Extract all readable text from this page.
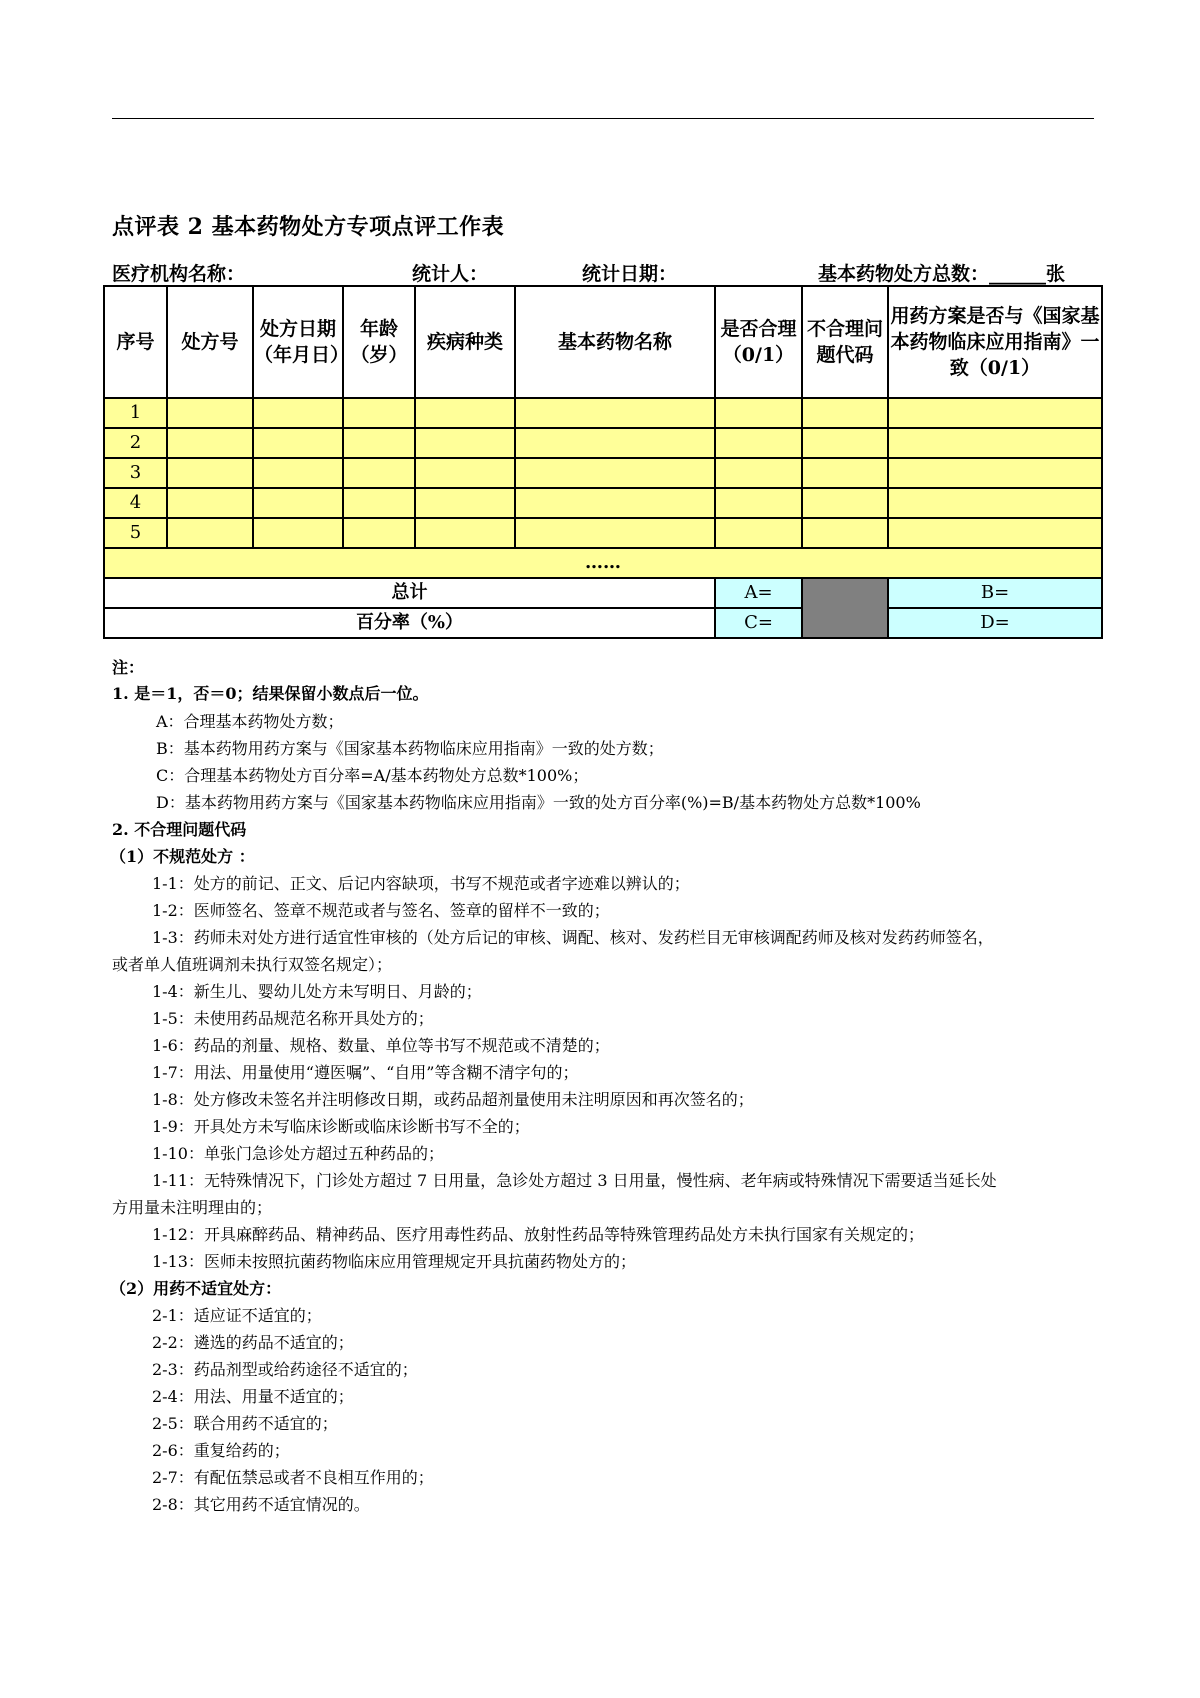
点评表 2 基本药物处方专项点评工作表
医疗机构名称：	统计人：	统计日期：	基本药物处方总数：______张
序号	处方号	处方日期（年月日）	年龄（岁）	疾病种类	基本药物名称	是否合理（0/1）	不合理问题代码	用药方案是否与《国家基本药物临床应用指南》一致（0/1）
1								
2								
3								
4								
5								
……								
总计						A=		B=
百分率（%）						C=		D=
注：
1. 是＝1，否＝0；结果保留小数点后一位。
A：合理基本药物处方数；
B：基本药物用药方案与《国家基本药物临床应用指南》一致的处方数；
C：合理基本药物处方百分率=A/基本药物处方总数*100%；
D：基本药物用药方案与《国家基本药物临床应用指南》一致的处方百分率(%)=B/基本药物处方总数*100%
2. 不合理问题代码
（1）不规范处方 ：
1-1：处方的前记、正文、后记内容缺项，书写不规范或者字迹难以辨认的；
1-2：医师签名、签章不规范或者与签名、签章的留样不一致的；
1-3：药师未对处方进行适宜性审核的（处方后记的审核、调配、核对、发药栏目无审核调配药师及核对发药药师签名，
或者单人值班调剂未执行双签名规定）；
1-4：新生儿、婴幼儿处方未写明日、月龄的；
1-5：未使用药品规范名称开具处方的；
1-6：药品的剂量、规格、数量、单位等书写不规范或不清楚的；
1-7：用法、用量使用“遵医嘱”、“自用”等含糊不清字句的；
1-8：处方修改未签名并注明修改日期，或药品超剂量使用未注明原因和再次签名的；
1-9：开具处方未写临床诊断或临床诊断书写不全的；
1-10：单张门急诊处方超过五种药品的；
1-11：无特殊情况下，门诊处方超过 7 日用量，急诊处方超过 3 日用量，慢性病、老年病或特殊情况下需要适当延长处
方用量未注明理由的；
1-12：开具麻醉药品、精神药品、医疗用毒性药品、放射性药品等特殊管理药品处方未执行国家有关规定的；
1-13：医师未按照抗菌药物临床应用管理规定开具抗菌药物处方的；
（2）用药不适宜处方：
2-1：适应证不适宜的；
2-2：遴选的药品不适宜的；
2-3：药品剂型或给药途径不适宜的；
2-4：用法、用量不适宜的；
2-5：联合用药不适宜的；
2-6：重复给药的；
2-7：有配伍禁忌或者不良相互作用的；
2-8：其它用药不适宜情况的。
